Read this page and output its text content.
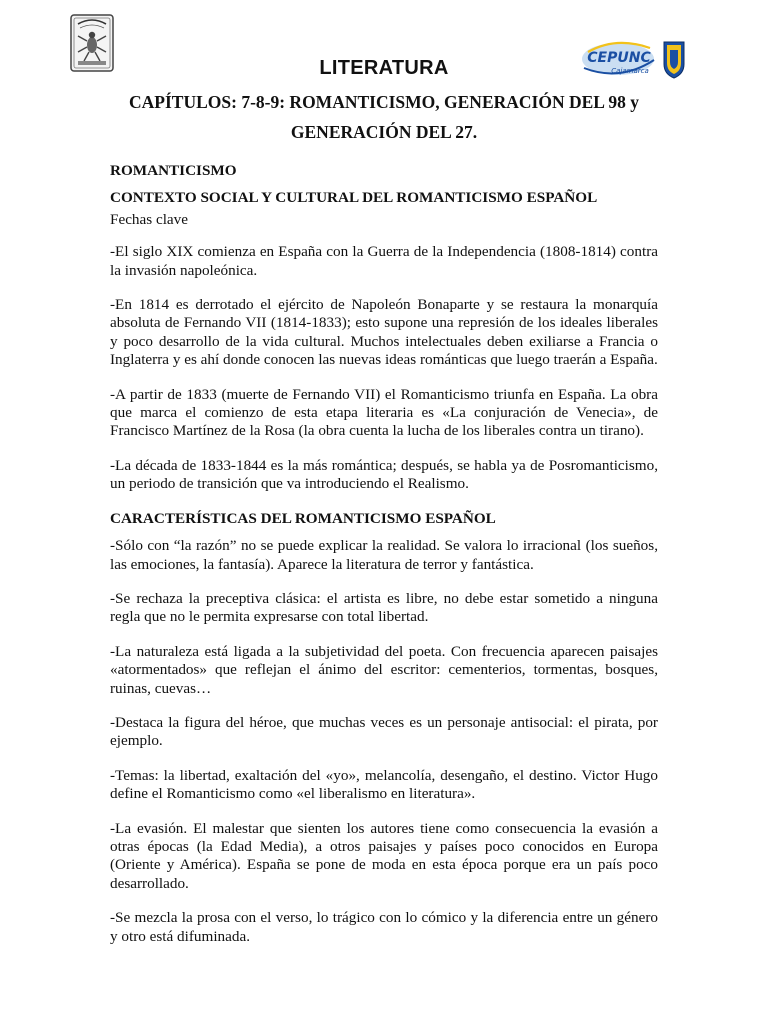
CEPUNC
Cajamarca
LITERATURA
CAPÍTULOS: 7-8-9: ROMANTICISMO, GENERACIÓN DEL 98 y
GENERACIÓN DEL 27.
ROMANTICISMO
CONTEXTO SOCIAL Y CULTURAL DEL ROMANTICISMO ESPAÑOL

Fechas clave

-El siglo XIX comienza en España con la Guerra de la Independencia (1808-1814) contra la invasión napoleónica.

-En 1814 es derrotado el ejército de Napoleón Bonaparte y se restaura la monarquía absoluta de Fernando VII (1814-1833); esto supone una represión de los ideales liberales y poco desarrollo de la vida cultural. Muchos intelectuales deben exiliarse a Francia o Inglaterra y es ahí donde conocen las nuevas ideas románticas que luego traerán a España.

-A partir de 1833 (muerte de Fernando VII) el Romanticismo triunfa en España. La obra que marca el comienzo de esta etapa literaria es «La conjuración de Venecia», de Francisco Martínez de la Rosa (la obra cuenta la lucha de los liberales contra un tirano).

-La década de 1833-1844 es la más romántica; después, se habla ya de Posromanticismo, un periodo de transición que va introduciendo el Realismo.

CARACTERÍSTICAS DEL ROMANTICISMO ESPAÑOL

-Sólo con “la razón” no se puede explicar la realidad. Se valora lo irracional (los sueños, las emociones, la fantasía). Aparece la literatura de terror y fantástica.

-Se rechaza la preceptiva clásica: el artista es libre, no debe estar sometido a ninguna regla que no le permita expresarse con total libertad.

-La naturaleza está ligada a la subjetividad del poeta. Con frecuencia aparecen paisajes «atormentados» que reflejan el ánimo del escritor: cementerios, tormentas, bosques, ruinas, cuevas…

-Destaca la figura del héroe, que muchas veces es un personaje antisocial: el pirata, por ejemplo.

-Temas: la libertad, exaltación del «yo», melancolía, desengaño, el destino. Victor Hugo define el Romanticismo como «el liberalismo en literatura».

-La evasión. El malestar que sienten los autores tiene como consecuencia la evasión a otras épocas (la Edad Media), a otros paisajes y países poco conocidos en Europa (Oriente y América). España se pone de moda en esta época porque era un país poco desarrollado.

-Se mezcla la prosa con el verso, lo trágico con lo cómico y la diferencia entre un género y otro está difuminada.
